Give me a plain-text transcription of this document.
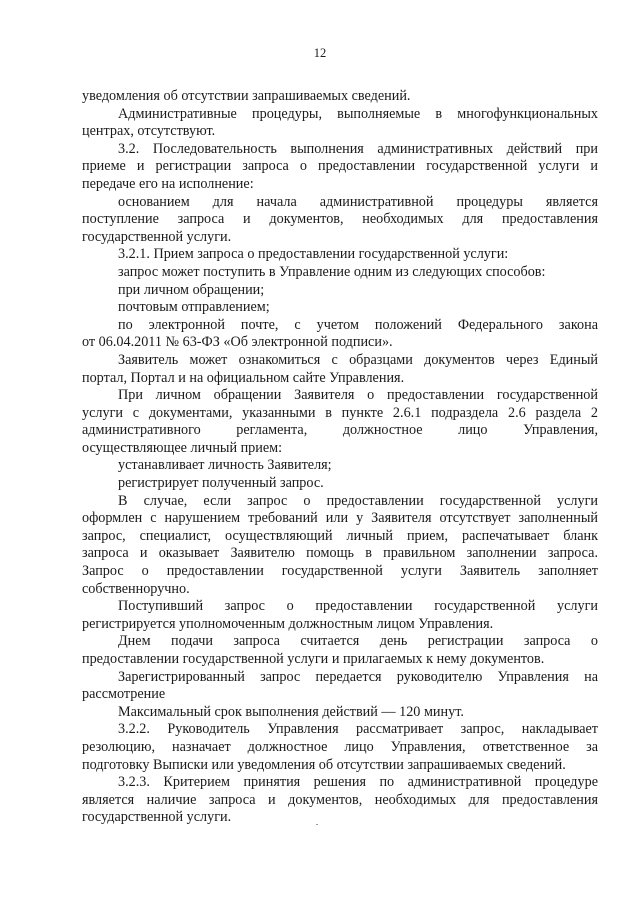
12
уведомления об отсутствии запрашиваемых сведений.
Административные процедуры, выполняемые в многофункциональных
центрах, отсутствуют.
3.2. Последовательность выполнения административных действий при
приеме и регистрации запроса о предоставлении государственной услуги и
передаче его на исполнение:
основанием для начала административной процедуры является
поступление запроса и документов, необходимых для предоставления
государственной услуги.
3.2.1. Прием запроса о предоставлении государственной услуги:
запрос может поступить в Управление одним из следующих способов:
при личном обращении;
почтовым отправлением;
по электронной почте, с учетом положений Федерального закона
от 06.04.2011 № 63-ФЗ «Об электронной подписи».
Заявитель может ознакомиться с образцами документов через Единый
портал, Портал и на официальном сайте Управления.
При личном обращении Заявителя о предоставлении государственной
услуги с документами, указанными в пункте 2.6.1 подраздела 2.6 раздела 2
административного регламента, должностное лицо Управления,
осуществляющее личный прием:
устанавливает личность Заявителя;
регистрирует полученный запрос.
В случае, если запрос о предоставлении государственной услуги
оформлен с нарушением требований или у Заявителя отсутствует заполненный
запрос, специалист, осуществляющий личный прием, распечатывает бланк
запроса и оказывает Заявителю помощь в правильном заполнении запроса.
Запрос о предоставлении государственной услуги Заявитель заполняет
собственноручно.
Поступивший запрос о предоставлении государственной услуги
регистрируется уполномоченным должностным лицом Управления.
Днем подачи запроса считается день регистрации запроса о
предоставлении государственной услуги и прилагаемых к нему документов.
Зарегистрированный запрос передается руководителю Управления на
рассмотрение
Максимальный срок выполнения действий — 120 минут.
3.2.2. Руководитель Управления рассматривает запрос, накладывает
резолюцию, назначает должностное лицо Управления, ответственное за
подготовку Выписки или уведомления об отсутствии запрашиваемых сведений.
3.2.3. Критерием принятия решения по административной процедуре
является наличие запроса и документов, необходимых для предоставления
государственной услуги.
